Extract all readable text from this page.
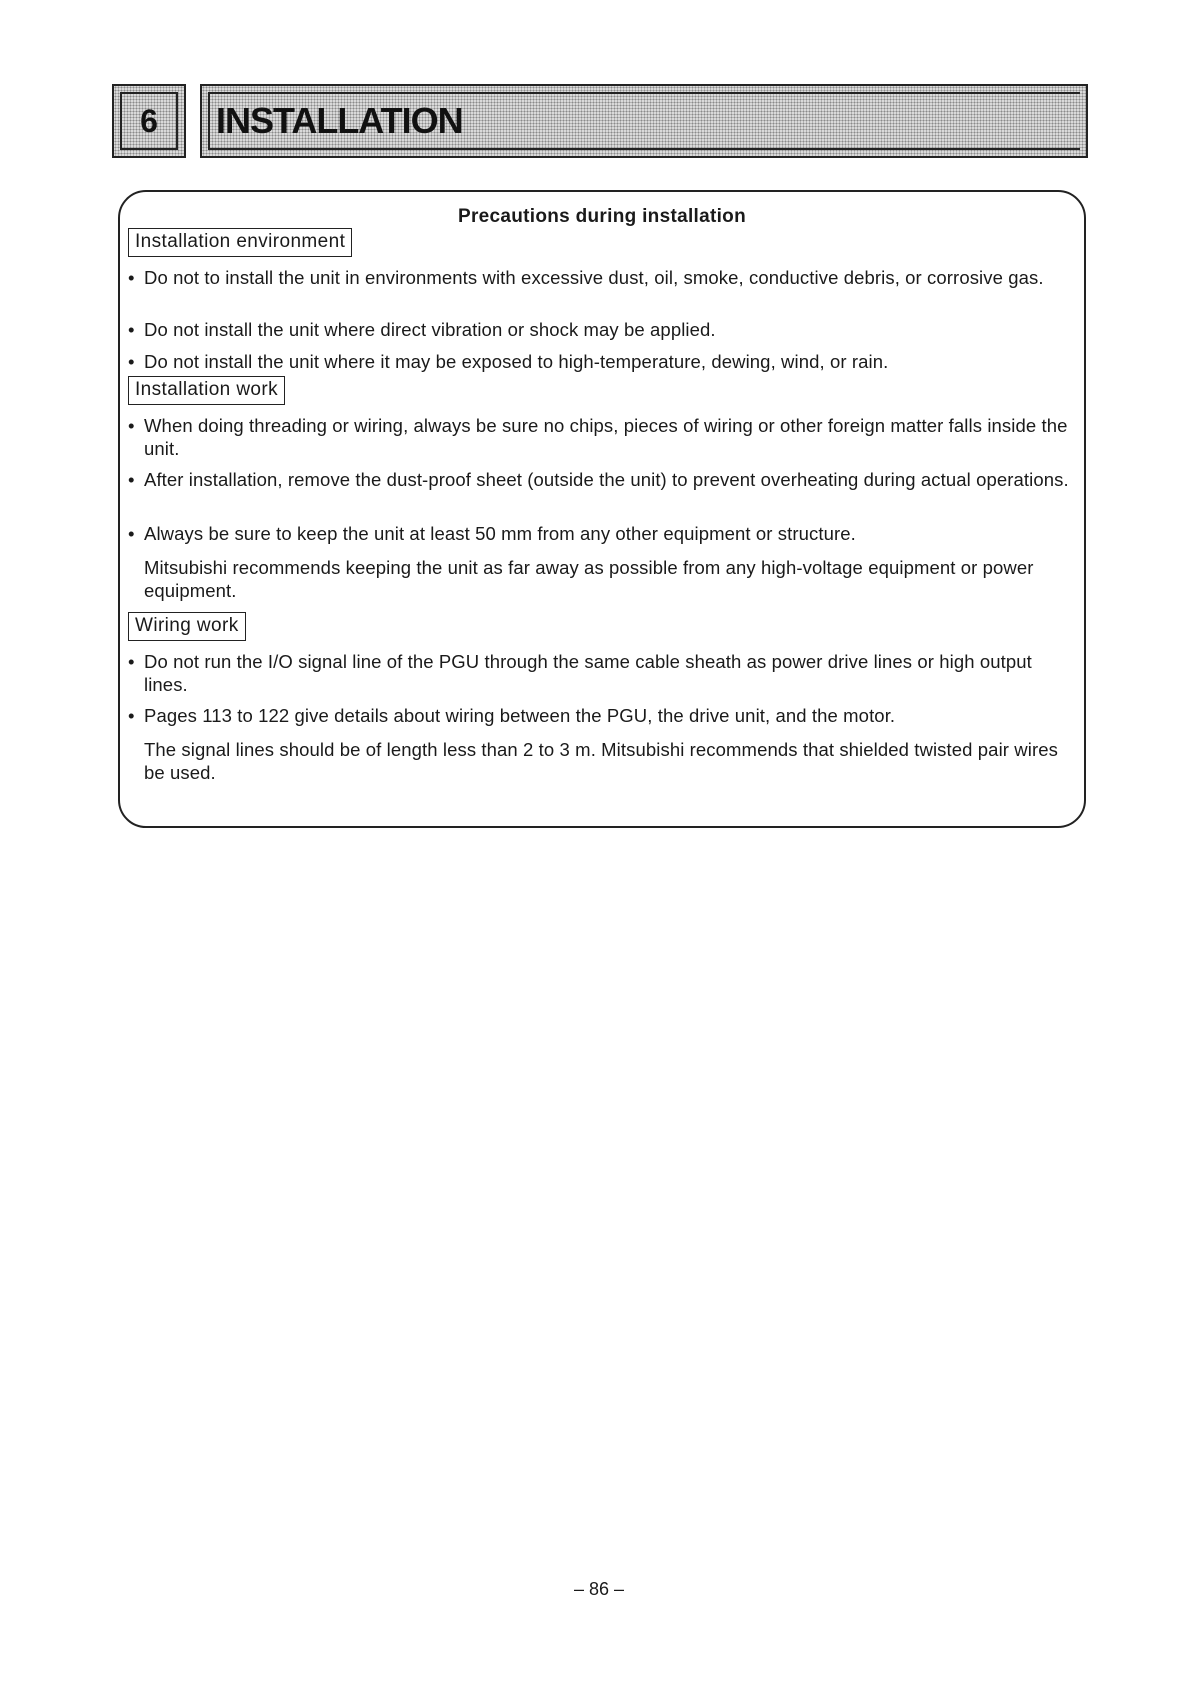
6	INSTALLATION
Precautions during installation
Installation environment
• Do not to install the unit in environments with excessive dust, oil, smoke, conductive debris, or corrosive gas.
• Do not install the unit where direct vibration or shock may be applied.
• Do not install the unit where it may be exposed to high-temperature, dewing, wind, or rain.
Installation work
• When doing threading or wiring, always be sure no chips, pieces of wiring or other foreign matter falls inside the unit.
• After installation, remove the dust-proof sheet (outside the unit) to prevent overheating during actual operations.
• Always be sure to keep the unit at least 50 mm from any other equipment or structure.
Mitsubishi recommends keeping the unit as far away as possible from any high-voltage equipment or power equipment.
Wiring work
• Do not run the I/O signal line of the PGU through the same cable sheath as power drive lines or high output lines.
• Pages 113 to 122 give details about wiring between the PGU, the drive unit, and the motor.
The signal lines should be of length less than 2 to 3 m. Mitsubishi recommends that shielded twisted pair wires be used.
– 86 –
